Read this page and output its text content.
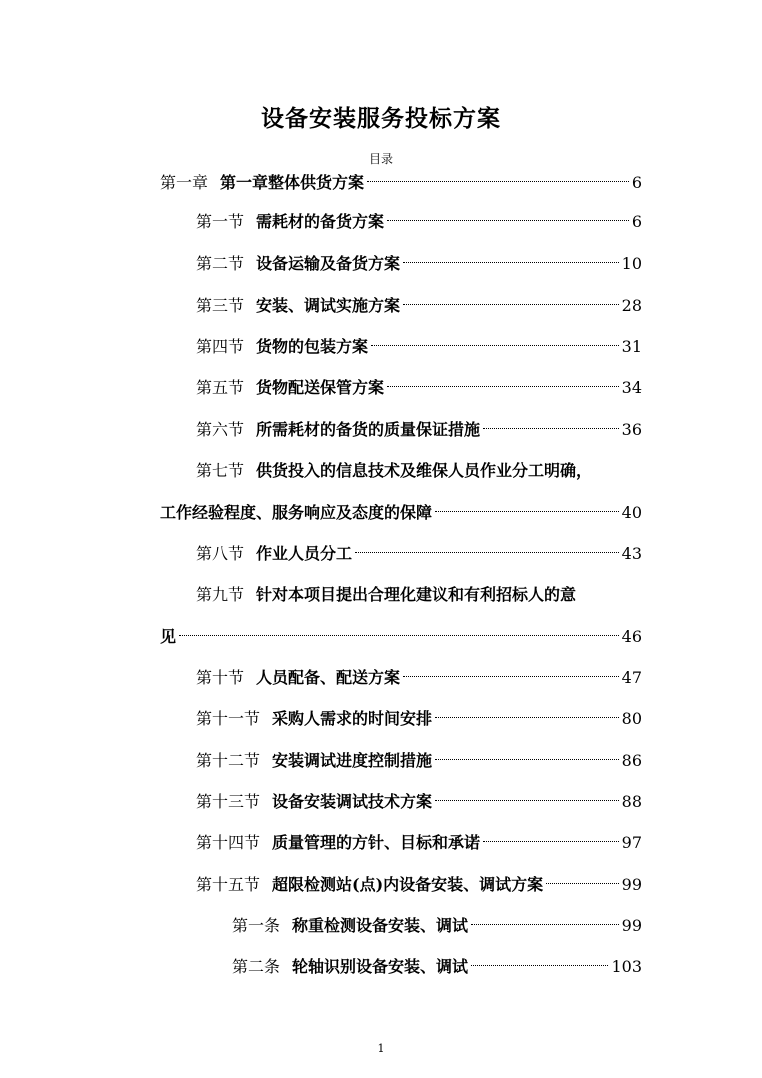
设备安装服务投标方案
目录
第一章 第一章整体供货方案	6
第一节 需耗材的备货方案	6
第二节 设备运输及备货方案	10
第三节 安装、调试实施方案	28
第四节 货物的包装方案	31
第五节 货物配送保管方案	34
第六节 所需耗材的备货的质量保证措施	36
第七节 供货投入的信息技术及维保人员作业分工明确，
工作经验程度、服务响应及态度的保障	40
第八节 作业人员分工	43
第九节 针对本项目提出合理化建议和有利招标人的意
见	46
第十节 人员配备、配送方案	47
第十一节 采购人需求的时间安排	80
第十二节 安装调试进度控制措施	86
第十三节 设备安装调试技术方案	88
第十四节 质量管理的方针、目标和承诺	97
第十五节 超限检测站(点)内设备安装、调试方案	99
第一条 称重检测设备安装、调试	99
第二条 轮轴识别设备安装、调试	103
1
